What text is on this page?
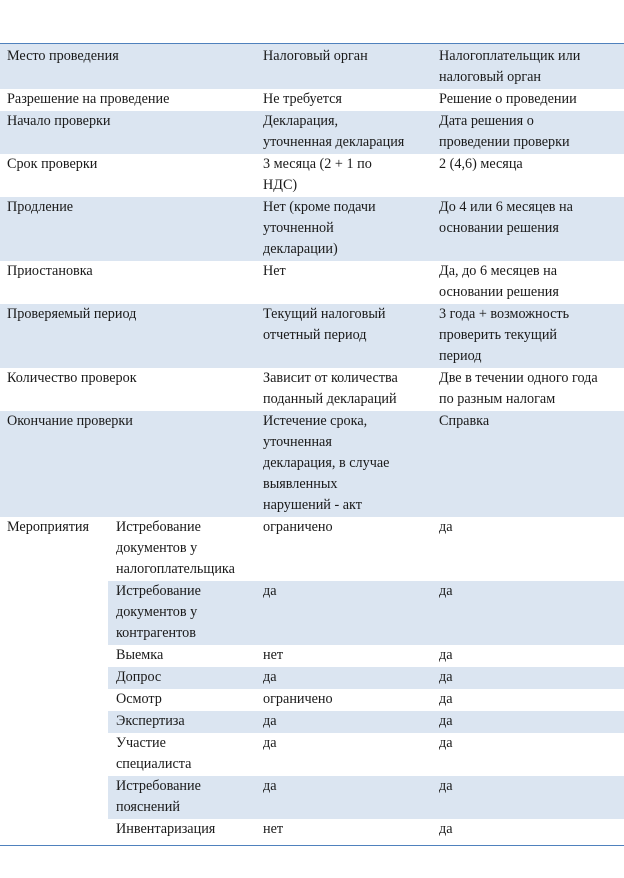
Место проведения		Налоговый орган	Налогоплательщик или
налоговый орган
Разрешение на проведение		Не требуется	Решение о проведении
Начало проверки		Декларация,
уточненная декларация	Дата решения о
проведении проверки
Срок проверки		3 месяца (2 + 1 по
НДС)	2 (4,6) месяца
Продление		Нет (кроме подачи
уточненной
декларации)	До 4 или 6 месяцев на
основании решения
Приостановка		Нет	Да, до 6 месяцев на
основании решения
Проверяемый период		Текущий налоговый
отчетный период	3 года + возможность
проверить текущий
период
Количество проверок		Зависит от количества
поданный деклараций	Две в течении одного года
по разным налогам
Окончание проверки		Истечение срока,
уточненная
декларация, в случае
выявленных
нарушений - акт	Справка
Мероприятия	Истребование
документов у
налогоплательщика	ограничено	да
	Истребование
документов у
контрагентов	да	да
	Выемка	нет	да
	Допрос	да	да
	Осмотр	ограничено	да
	Экспертиза	да	да
	Участие
специалиста	да	да
	Истребование
пояснений	да	да
	Инвентаризация	нет	да
